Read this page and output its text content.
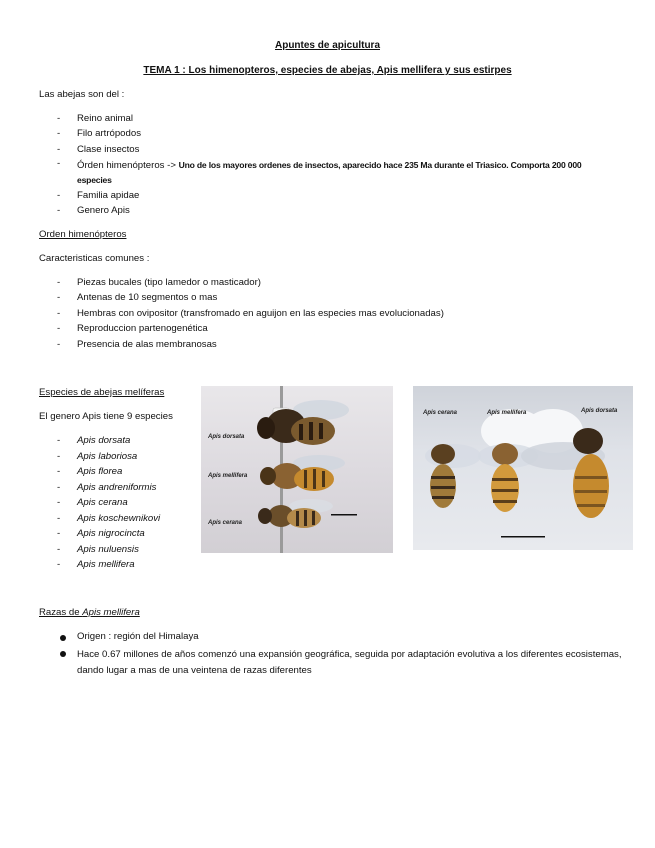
Apuntes de apicultura
TEMA 1 : Los himenopteros, especies de abejas, Apis mellifera y sus estirpes
Las abejas son del :
-	Reino animal
-	Filo artrópodos
-	Clase insectos
-	Órden himenópteros -> Uno de los mayores ordenes de insectos, aparecido hace 235 Ma durante el Triasico. Comporta 200 000 especies
-	Familia apidae
-	Genero Apis
Orden himenópteros
Caracteristicas comunes :
-	Piezas bucales (tipo lamedor o masticador)
-	Antenas de 10 segmentos o mas
-	Hembras con ovipositor (transfromado en aguijon en las especies mas evolucionadas)
-	Reproduccion partenogenética
-	Presencia de alas membranosas
Especies de abejas melíferas
El genero Apis tiene 9 especies
-	Apis dorsata
-	Apis laboriosa
-	Apis florea
-	Apis andreniformis
-	Apis cerana
-	Apis koschewnikovi
-	Apis nigrocincta
-	Apis nuluensis
-	Apis mellifera
Apis dorsata
Apis mellifera
Apis cerana
Apis cerana	Apis mellifera	Apis dorsata
Razas de Apis mellifera
Origen : región del Himalaya
Hace 0.67 millones de años comenzó una expansión geográfica, seguida por adaptación evolutiva a los diferentes ecosistemas, dando lugar a mas de una veintena de razas diferentes
